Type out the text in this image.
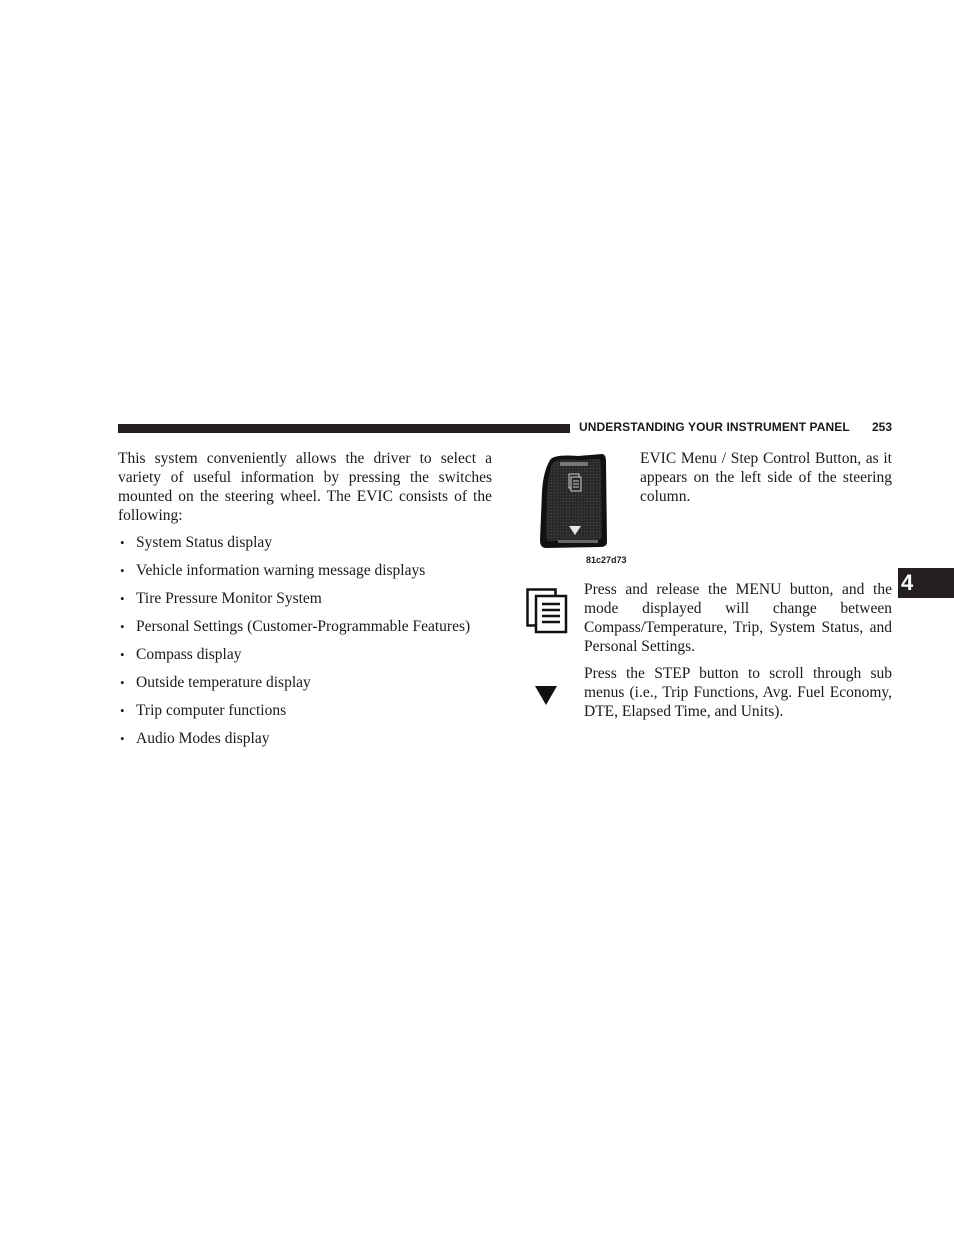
UNDERSTANDING YOUR INSTRUMENT PANEL 253
4

This system conveniently allows the driver to select a variety of useful information by pressing the switches mounted on the steering wheel. The EVIC consists of the following:

• System Status display
• Vehicle information warning message displays
• Tire Pressure Monitor System
• Personal Settings (Customer-Programmable Features)
• Compass display
• Outside temperature display
• Trip computer functions
• Audio Modes display
81c27d73

EVIC Menu / Step Control Button, as it appears on the left side of the steering column.

Press and release the MENU button, and the mode displayed will change between Compass/Temperature, Trip, System Status, and Personal Settings.

Press the STEP button to scroll through sub menus (i.e., Trip Functions, Avg. Fuel Economy, DTE, Elapsed Time, and Units).
